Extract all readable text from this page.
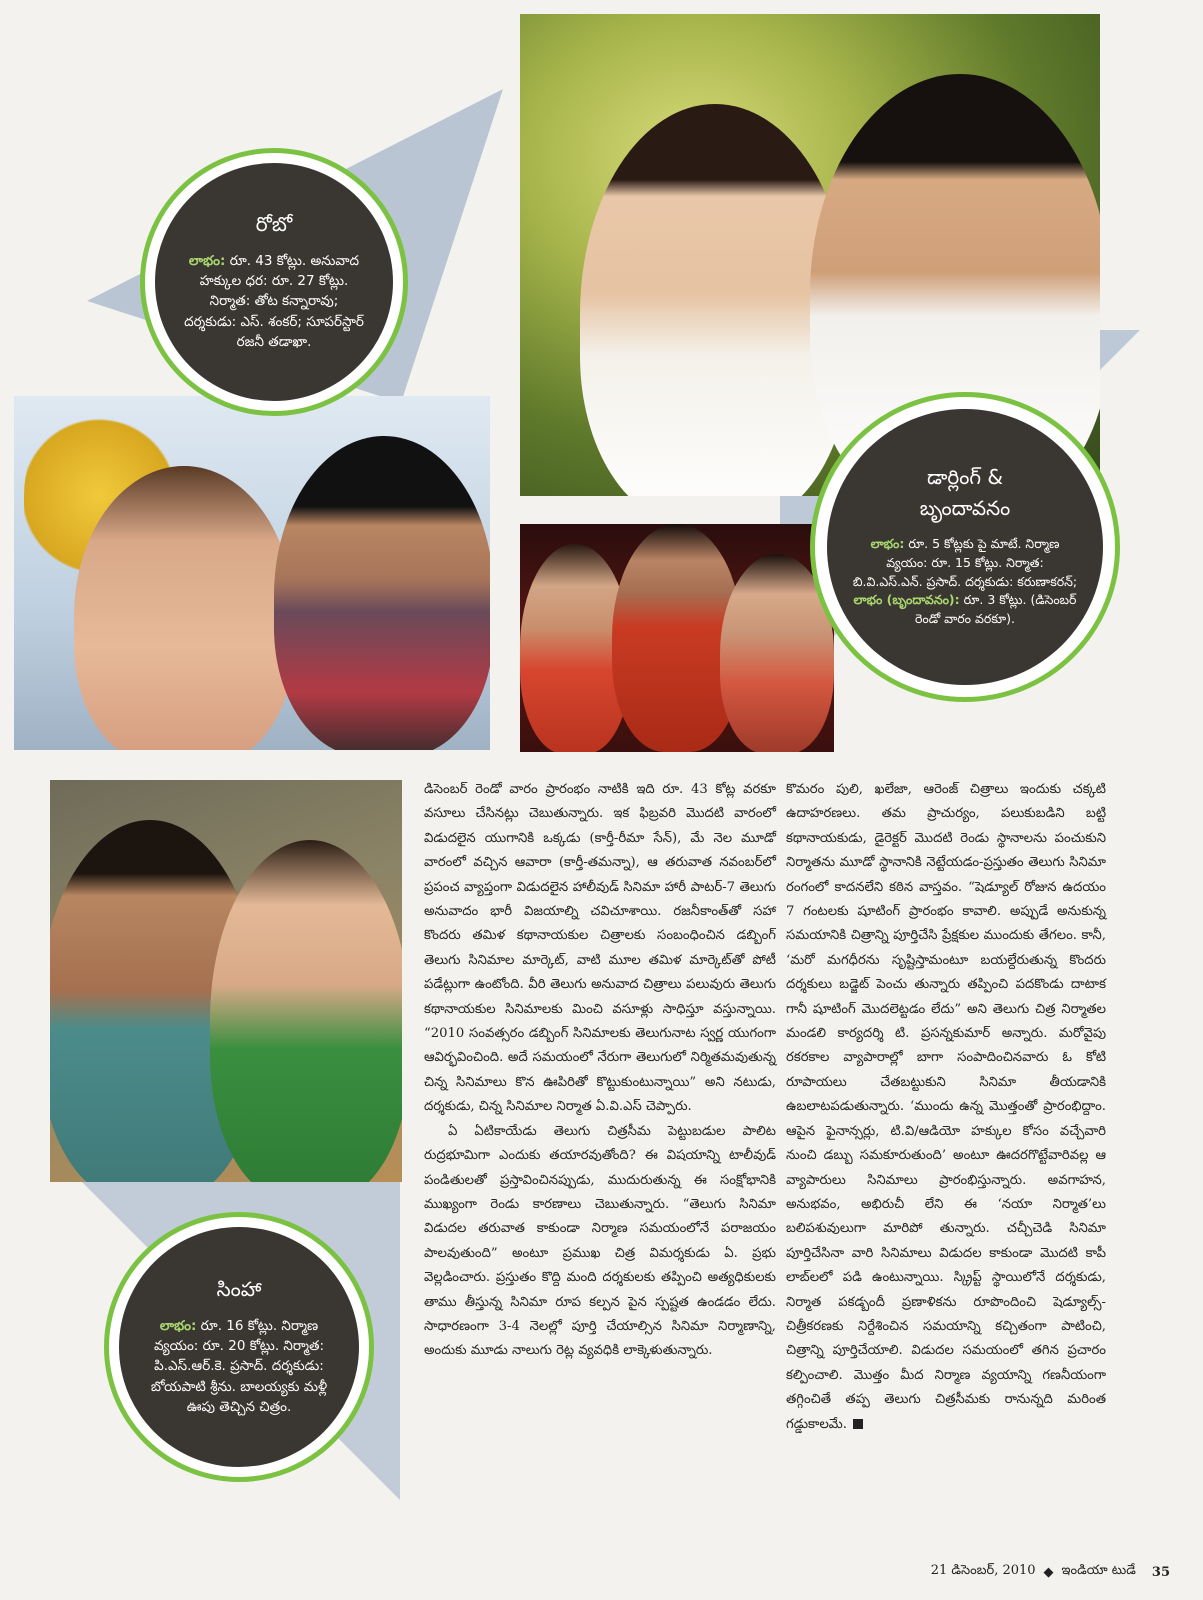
రోబో
లాభం: రూ. 43 కోట్లు. అనువాద హక్కుల ధర: రూ. 27 కోట్లు. నిర్మాత: తోట కన్నారావు; దర్శకుడు: ఎస్. శంకర్; సూపర్‌స్టార్ రజనీ తడాఖా.
డార్లింగ్ &
బృందావనం
లాభం: రూ. 5 కోట్లకు పై మాటే. నిర్మాణ వ్యయం: రూ. 15 కోట్లు. నిర్మాత: బి.వి.ఎస్.ఎన్. ప్రసాద్. దర్శకుడు: కరుణాకరన్; లాభం (బృందావనం): రూ. 3 కోట్లు. (డిసెంబర్ రెండో వారం వరకూ).
సింహా
లాభం: రూ. 16 కోట్లు. నిర్మాణ వ్యయం: రూ. 20 కోట్లు. నిర్మాత: పి.ఎస్.ఆర్.కె. ప్రసాద్. దర్శకుడు: బోయపాటి శ్రీను. బాలయ్యకు మళ్లీ ఊపు తెచ్చిన చిత్రం.

డిసెంబర్ రెండో వారం ప్రారంభం నాటికి ఇది రూ. 43 కోట్ల వరకూ వసూలు చేసినట్లు చెబుతున్నారు. ఇక ఫిబ్రవరి మొదటి వారంలో విడుదలైన యుగానికి ఒక్కడు (కార్తీ-రీమా సేన్), మే నెల మూడో వారంలో వచ్చిన ఆవారా (కార్తీ-తమన్నా), ఆ తరువాత నవంబర్‌లో ప్రపంచ వ్యాప్తంగా విడుదలైన హాలీవుడ్ సినిమా హారీ పాటర్-7 తెలుగు అనువాదం భారీ విజయాల్ని చవిచూశాయి. రజనీకాంత్‌తో సహా కొందరు తమిళ కథానాయకుల చిత్రాలకు సంబంధించిన డబ్బింగ్ తెలుగు సినిమాల మార్కెట్, వాటి మూల తమిళ మార్కెట్‌తో పోటీ పడేట్లుగా ఉంటోంది. వీరి తెలుగు అనువాద చిత్రాలు పలువురు తెలుగు కథానాయకుల సినిమాలకు మించి వసూళ్లు సాధిస్తూ వస్తున్నాయి. “2010 సంవత్సరం డబ్బింగ్ సినిమాలకు తెలుగునాట స్వర్ణ యుగంగా ఆవిర్భవించింది. అదే సమయంలో నేరుగా తెలుగులో నిర్మితమవుతున్న చిన్న సినిమాలు కొన ఊపిరితో కొట్టుకుంటున్నాయి” అని నటుడు, దర్శకుడు, చిన్న సినిమాల నిర్మాత ఏ.వి.ఎస్ చెప్పారు.

ఏ ఏటికాయేడు తెలుగు చిత్రసీమ పెట్టుబడుల పాలిట రుద్రభూమిగా ఎందుకు తయారవుతోంది? ఈ విషయాన్ని టాలీవుడ్ పండితులతో ప్రస్తావించినప్పుడు, ముదురుతున్న ఈ సంక్షోభానికి ముఖ్యంగా రెండు కారణాలు చెబుతున్నారు. “తెలుగు సినిమా విడుదల తరువాత కాకుండా నిర్మాణ సమయంలోనే పరాజయం పాలవుతుంది” అంటూ ప్రముఖ చిత్ర విమర్శకుడు ఏ. ప్రభు వెల్లడించారు. ప్రస్తుతం కొద్ది మంది దర్శకులకు తప్పించి అత్యధికులకు తాము తీస్తున్న సినిమా రూప కల్పన పైన స్పష్టత ఉండడం లేదు. సాధారణంగా 3-4 నెలల్లో పూర్తి చేయాల్సిన సినిమా నిర్మాణాన్ని, అందుకు మూడు నాలుగు రెట్ల వ్యవధికి లాక్కెళుతున్నారు.

కొమరం పులి, ఖలేజా, ఆరెంజ్ చిత్రాలు ఇందుకు చక్కటి ఉదాహరణలు. తమ ప్రాచుర్యం, పలుకుబడిని బట్టి కథానాయకుడు, డైరెక్టర్ మొదటి రెండు స్థానాలను పంచుకుని నిర్మాతను మూడో స్థానానికి నెట్టేయడం-ప్రస్తుతం తెలుగు సినిమా రంగంలో కాదనలేని కఠిన వాస్తవం. “షెడ్యూల్ రోజున ఉదయం 7 గంటలకు షూటింగ్ ప్రారంభం కావాలి. అప్పుడే అనుకున్న సమయానికి చిత్రాన్ని పూర్తిచేసి ప్రేక్షకుల ముందుకు తేగలం. కానీ, ‘మరో మగధీరను సృష్టిస్తామంటూ బయల్దేరుతున్న కొందరు దర్శకులు బడ్జెట్ పెంచు తున్నారు తప్పించి పదకొండు దాటాక గానీ షూటింగ్ మొదలెట్టడం లేదు” అని తెలుగు చిత్ర నిర్మాతల మండలి కార్యదర్శి టి. ప్రసన్నకుమార్ అన్నారు. మరోవైపు రకరకాల వ్యాపారాల్లో బాగా సంపాదించినవారు ఓ కోటి రూపాయలు చేతబట్టుకుని సినిమా తీయడానికి ఉబలాటపడుతున్నారు. ‘ముందు ఉన్న మొత్తంతో ప్రారంభిద్దాం. ఆపైన ఫైనాన్సర్లు, టి.వి/ఆడియో హక్కుల కోసం వచ్చేవారి నుంచి డబ్బు సమకూరుతుంది’ అంటూ ఊదరగొట్టేవారివల్ల ఆ వ్యాపారులు సినిమాలు ప్రారంభిస్తున్నారు. అవగాహన, అనుభవం, అభిరుచీ లేని ఈ ‘నయా నిర్మాత’లు బలిపశువులుగా మారిపో తున్నారు. చచ్చీచెడి సినిమా పూర్తిచేసినా వారి సినిమాలు విడుదల కాకుండా మొదటి కాపీ లాబ్‌లలో పడి ఉంటున్నాయి. స్క్రిప్ట్ స్థాయిలోనే దర్శకుడు, నిర్మాత పకడ్బందీ ప్రణాళికను రూపొందించి షెడ్యూల్స్-చిత్రీకరణకు నిర్దేశించిన సమయాన్ని కచ్చితంగా పాటించి, చిత్రాన్ని పూర్తిచేయాలి. విడుదల సమయంలో తగిన ప్రచారం కల్పించాలి. మొత్తం మీద నిర్మాణ వ్యయాన్ని గణనీయంగా తగ్గించితే తప్ప తెలుగు చిత్రసీమకు రానున్నది మరింత గడ్డుకాలమే.

21 డిసెంబర్, 2010 ◆ ఇండియా టుడే 35
